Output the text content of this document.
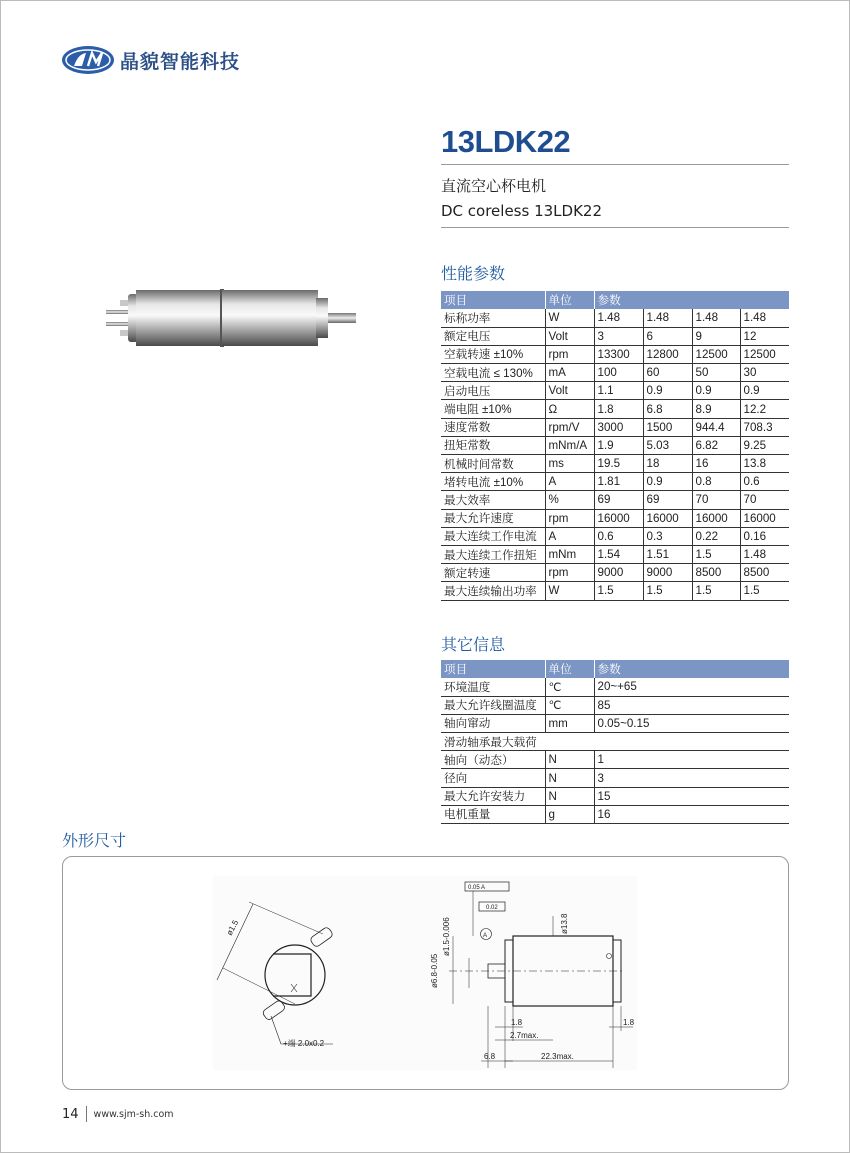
晶貌智能科技
13LDK22
直流空心杯电机
DC coreless 13LDK22
性能参数
项目	单位	参数			
标称功率	W	1.48	1.48	1.48	1.48
额定电压	Volt	3	6	9	12
空载转速 ±10%	rpm	13300	12800	12500	12500
空载电流 ≤ 130%	mA	100	60	50	30
启动电压	Volt	1.1	0.9	0.9	0.9
端电阻 ±10%	Ω	1.8	6.8	8.9	12.2
速度常数	rpm/V	3000	1500	944.4	708.3
扭矩常数	mNm/A	1.9	5.03	6.82	9.25
机械时间常数	ms	19.5	18	16	13.8
堵转电流 ±10%	A	1.81	0.9	0.8	0.6
最大效率	%	69	69	70	70
最大允许速度	rpm	16000	16000	16000	16000
最大连续工作电流	A	0.6	0.3	0.22	0.16
最大连续工作扭矩	mNm	1.54	1.51	1.5	1.48
额定转速	rpm	9000	9000	8500	8500
最大连续输出功率	W	1.5	1.5	1.5	1.5
其它信息
项目	单位	参数
环境温度	℃	20~+65
最大允许线圈温度	℃	85
轴向窜动	mm	0.05~0.15
滑动轴承最大载荷		
轴向（动态）	N	1
径向	N	3
最大允许安装力	N	15
电机重量	g	16
外形尺寸
ø1.5
+端 2.0x0.2
0.05 A
0.02
A
ø1.5-0.006
ø6.8-0.05
ø13.8
1.8
2.7max.
1.8
6.8	22.3max.
14 www.sjm-sh.com
